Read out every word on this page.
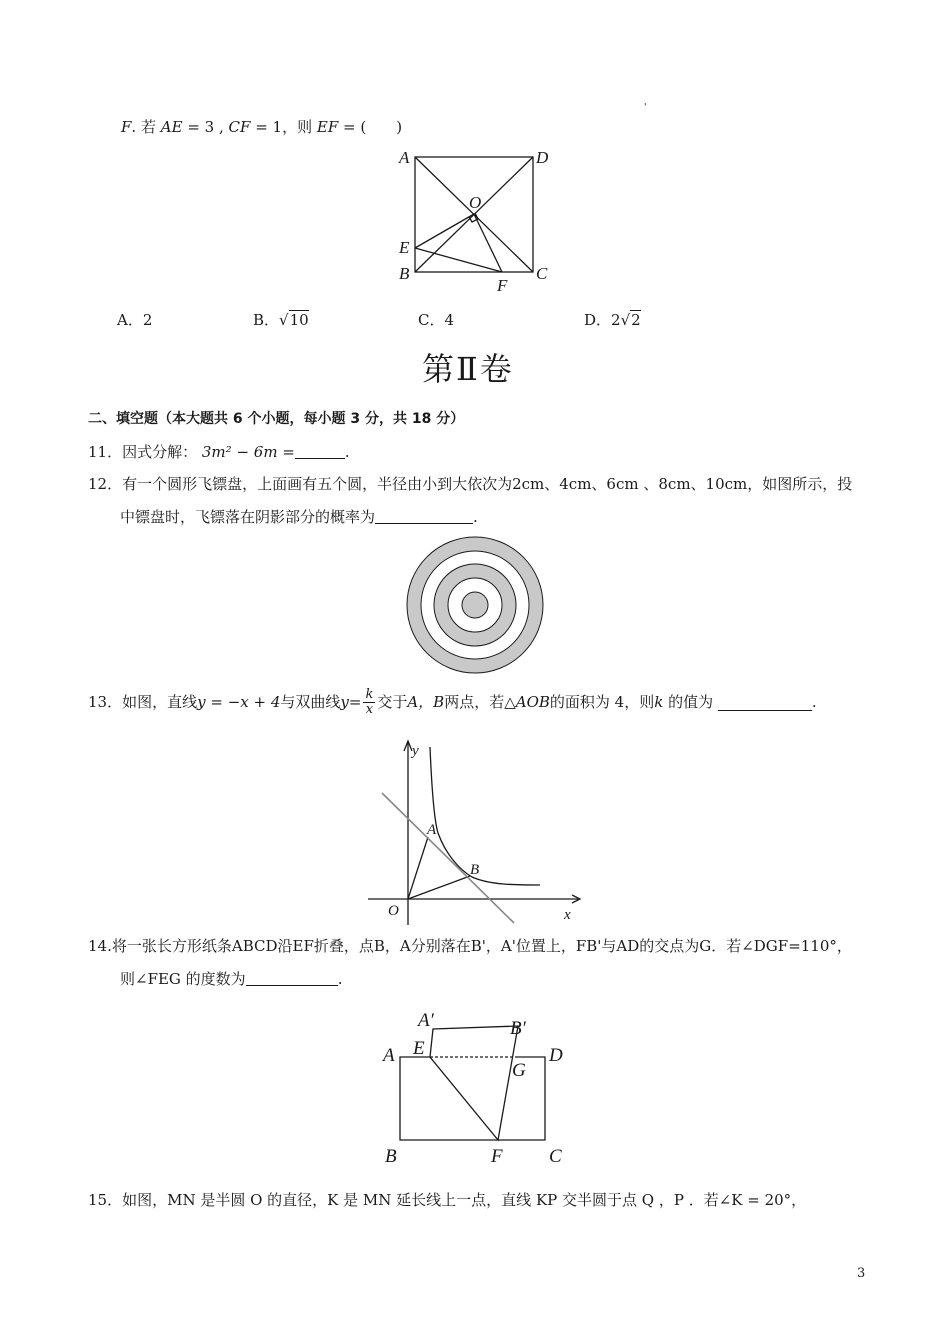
'
F. 若 AE = 3 , CF = 1，则 EF = (　　)
A	D
O
E
B	C
F
A．2	B．√10	C．4	D．2√2
第Ⅱ卷
二、填空题（本大题共 6 个小题，每小题 3 分，共 18 分）
11．因式分解： 3m² − 6m =	.
12．有一个圆形飞镖盘，上面画有五个圆，半径由小到大依次为2cm、4cm、6cm 、8cm、10cm，如图所示，投
中镖盘时，飞镖落在阴影部分的概率为	.
13． 如图，直线 y = −x + 4 与双曲线 $y= \frac{k}{x}$ 交于 A，B 两点，若△ AOB 的面积为 4，则 k
的值为
	.
y
x
O
A
B
14.将一张长方形纸条ABCD沿EF折叠，点B，A分别落在B'，A'位置上，FB'与AD的交点为G．若∠DGF=110°，
则∠FEG 的度数为	.
A′	B′
A E	D
G
B	F C
15．如图，MN 是半圆 O 的直径，K 是 MN 延长线上一点，直线 KP 交半圆于点 Q ，P ．若∠K = 20°，
3
